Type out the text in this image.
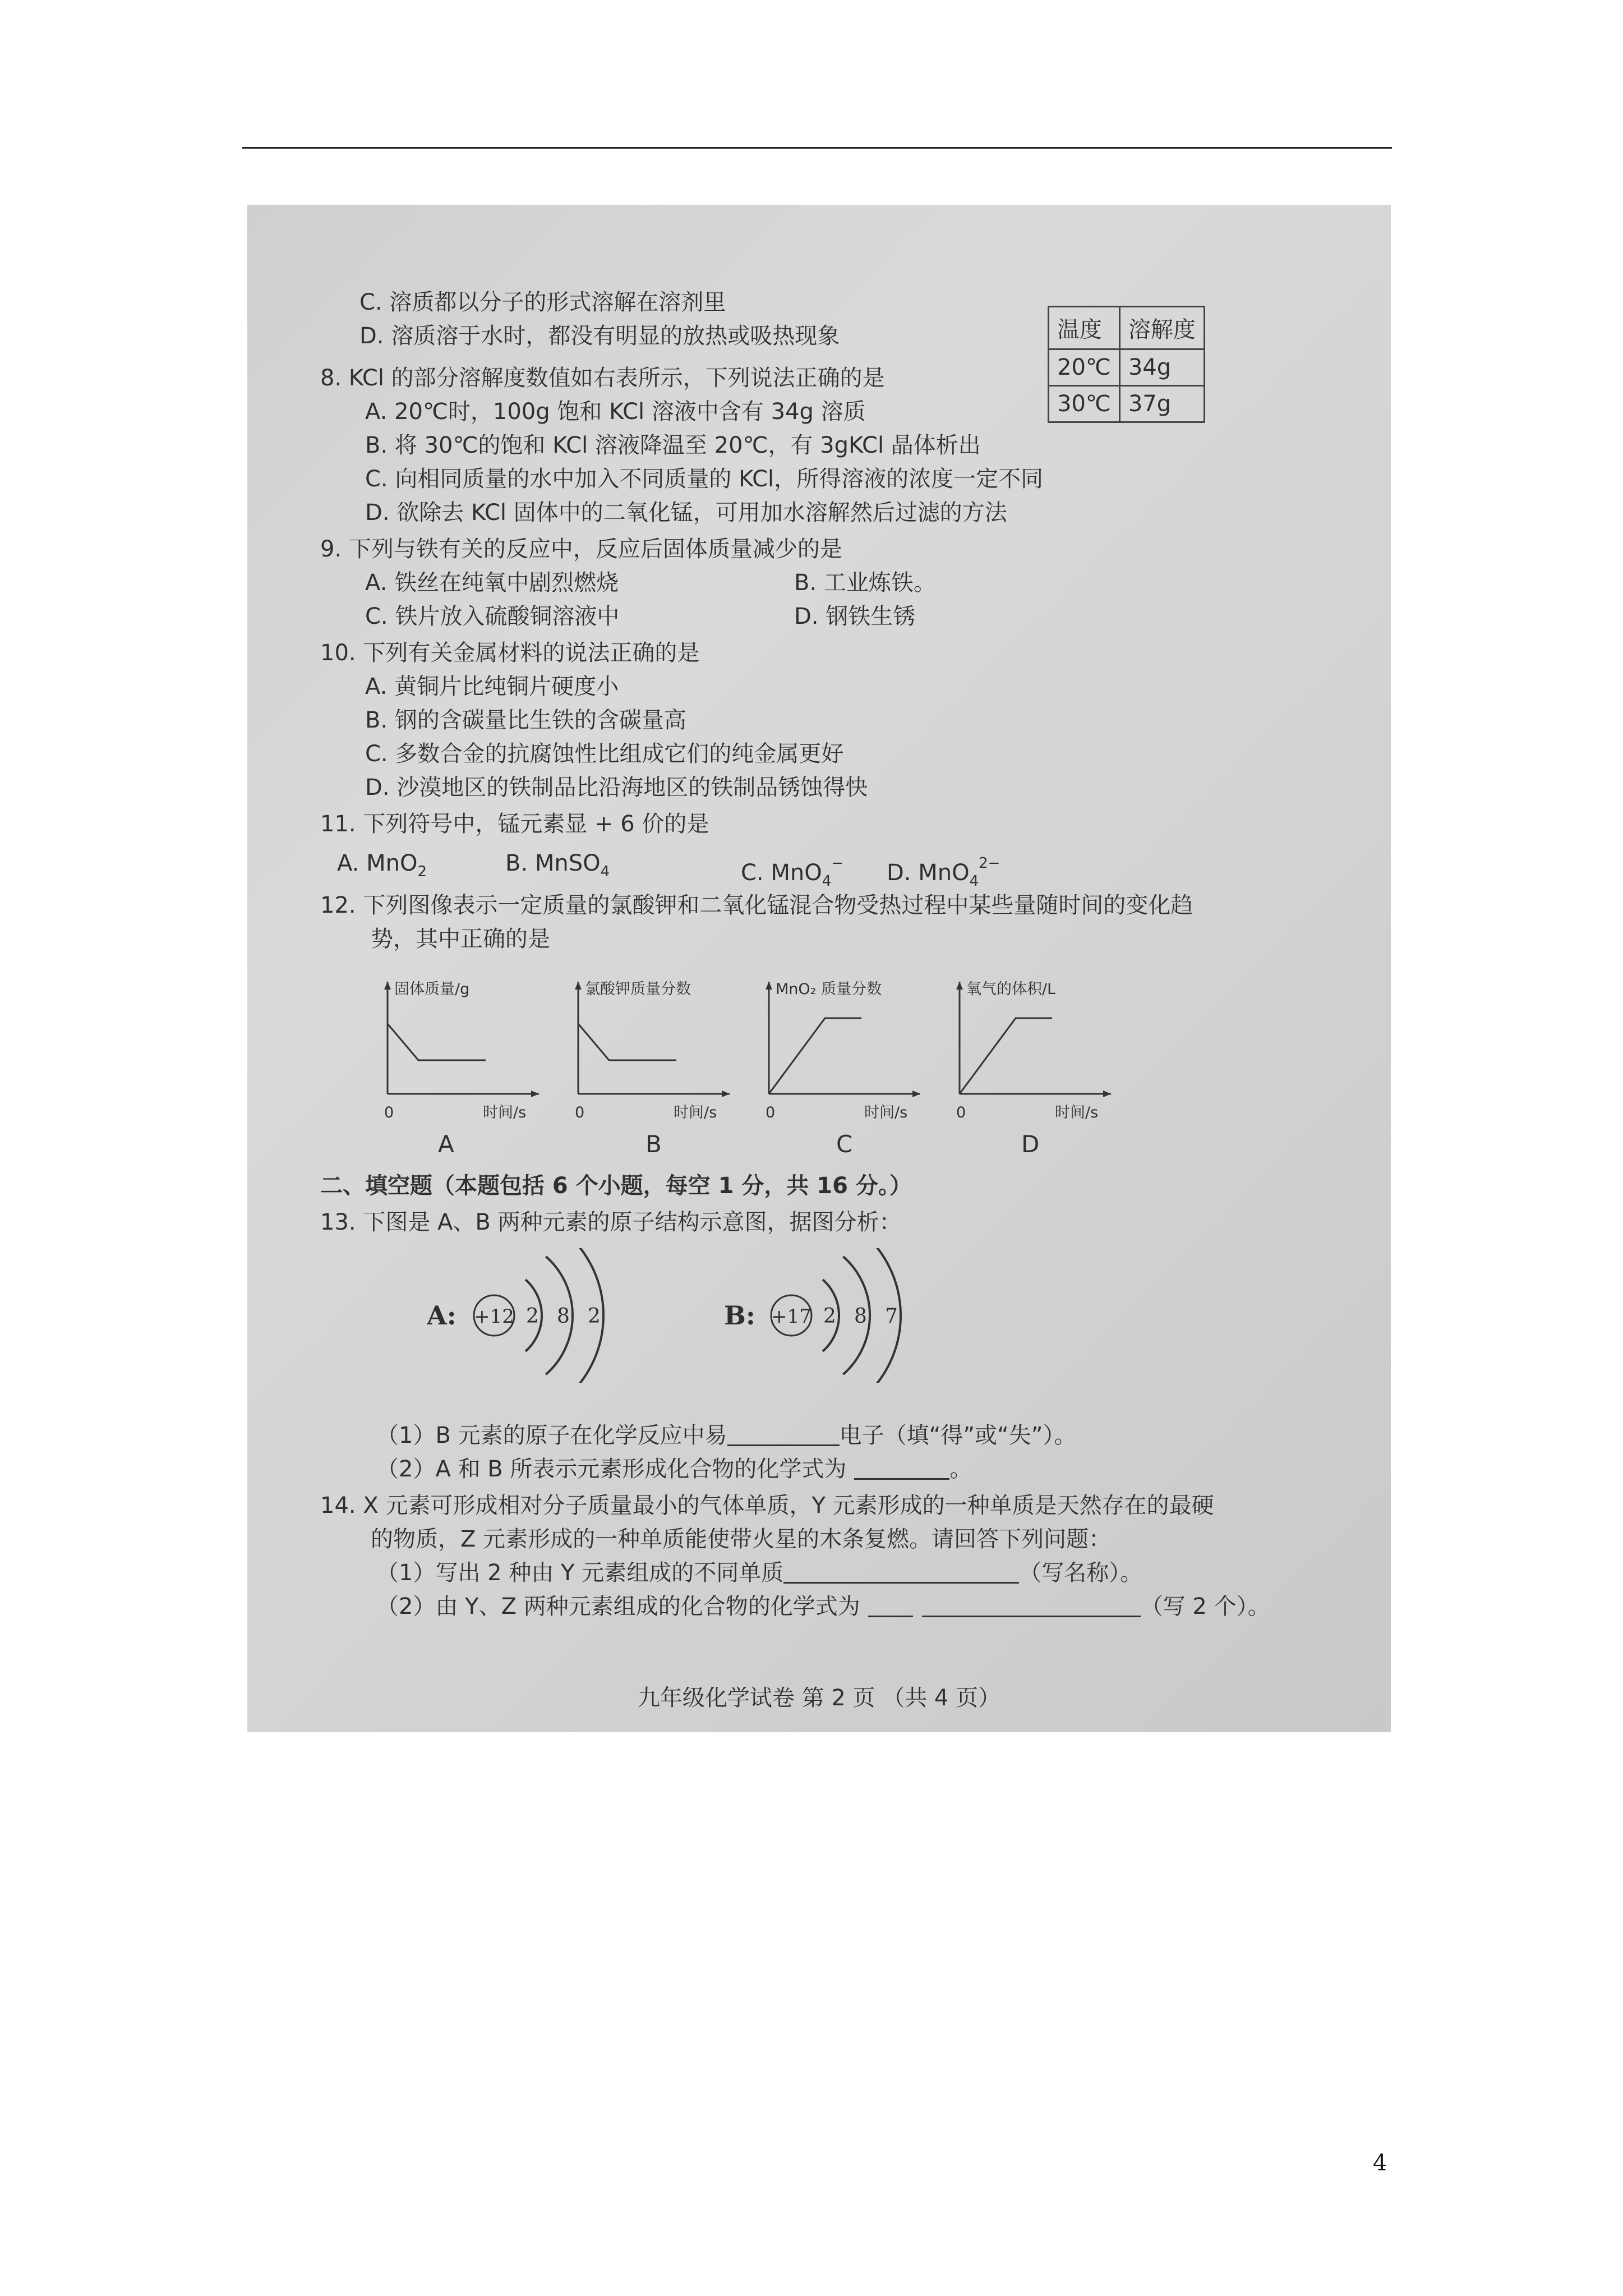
C. 溶质都以分子的形式溶解在溶剂里
D. 溶质溶于水时，都没有明显的放热或吸热现象	温度	溶解度
20℃	34g
30℃	37g
8. KCl 的部分溶解度数值如右表所示，下列说法正确的是
A. 20℃时，100g 饱和 KCl 溶液中含有 34g 溶质
B. 将 30℃的饱和 KCl 溶液降温至 20℃，有 3gKCl 晶体析出
C. 向相同质量的水中加入不同质量的 KCl，所得溶液的浓度一定不同
D. 欲除去 KCl 固体中的二氧化锰，可用加水溶解然后过滤的方法
9. 下列与铁有关的反应中，反应后固体质量减少的是
A. 铁丝在纯氧中剧烈燃烧	B. 工业炼铁。
C. 铁片放入硫酸铜溶液中	D. 钢铁生锈
10. 下列有关金属材料的说法正确的是
A. 黄铜片比纯铜片硬度小
B. 钢的含碳量比生铁的含碳量高
C. 多数合金的抗腐蚀性比组成它们的纯金属更好
D. 沙漠地区的铁制品比沿海地区的铁制品锈蚀得快
11. 下列符号中，锰元素显 + 6 价的是
A. MnO$_2$	B. MnSO$_4$	C. MnO$_4$− D. MnO$_4^{2-}$
12. 下列图像表示一定质量的氯酸钾和二氧化锰混合物受热过程中某些量随时间的变化趋
势，其中正确的是
固体质量/g
时间/s
0
氯酸钾质量分数
时间/s
0
MnO₂ 质量分数
时间/s
0
氧气的体积/L
时间/s
0
A	B	C	D
二、填空题（本题包括 6 个小题，每空 1 分，共 16 分。）
13. 下图是 A、B 两种元素的原子结构示意图，据图分析：
A: +12 2 8 2	B: +17 2 8 7
（1）B 元素的原子在化学反应中易	电子（填“得”或“失”）。
（2）A 和 B 所表示元素形成化合物的化学式为	。
14. X 元素可形成相对分子质量最小的气体单质，Y 元素形成的一种单质是天然存在的最硬
的物质，Z 元素形成的一种单质能使带火星的木条复燃。请回答下列问题：
（1）写出 2 种由 Y 元素组成的不同单质	（写名称）。
（2）由 Y、Z 两种元素组成的化合物的化学式为	（写 2 个）。
九年级化学试卷 第 2 页 （共 4 页）
4
